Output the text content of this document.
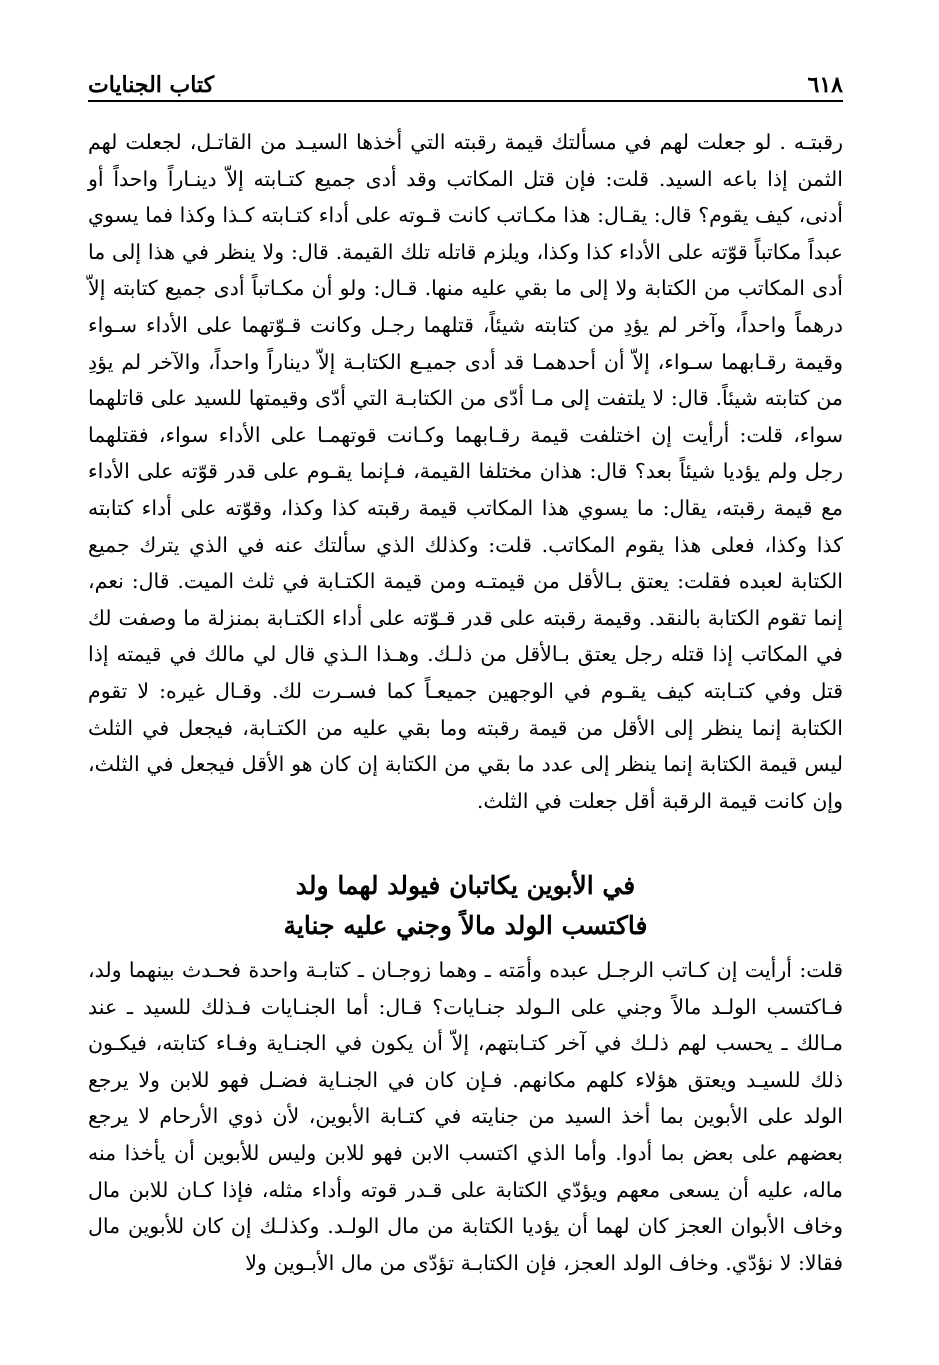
٦١٨
كتاب الجنايات

رقبتـه . لو جعلت لهم في مسألتك قيمة رقبته التي أخذها السيـد من القاتـل، لجعلت لهم الثمن إذا باعه السيد. قلت: فإن قتل المكاتب وقد أدى جميع كتـابته إلاّ دينـاراً واحداً أو أدنى، كيف يقوم؟ قال: يقـال: هذا مكـاتب كانت قـوته على أداء كتـابته كـذا وكذا فما يسوي عبداً مكاتباً قوّته على الأداء كذا وكذا، ويلزم قاتله تلك القيمة. قال: ولا ينظر في هذا إلى ما أدى المكاتب من الكتابة ولا إلى ما بقي عليه منها. قـال: ولو أن مكـاتباً أدى جميع كتابته إلاّ درهماً واحداً، وآخر لم يؤدِ من كتابته شيئاً، قتلهما رجـل وكانت قـوّتهما على الأداء سـواء وقيمة رقـابهما سـواء، إلاّ أن أحدهمـا قد أدى جميـع الكتابـة إلاّ ديناراً واحداً، والآخر لم يؤدِ من كتابته شيئاً. قال: لا يلتفت إلى مـا أدّى من الكتابـة التي أدّى وقيمتها للسيد على قاتلهما سواء، قلت: أرأيت إن اختلفت قيمة رقـابهما وكـانت قوتهمـا على الأداء سواء، فقتلهما رجل ولم يؤديا شيئاً بعد؟ قال: هذان مختلفا القيمة، فـإنما يقـوم على قدر قوّته على الأداء مع قيمة رقبته، يقال: ما يسوي هذا المكاتب قيمة رقبته كذا وكذا، وقوّته على أداء كتابته كذا وكذا، فعلى هذا يقوم المكاتب. قلت: وكذلك الذي سألتك عنه في الذي يترك جميع الكتابة لعبده فقلت: يعتق بـالأقل من قيمتـه ومن قيمة الكتـابة في ثلث الميت. قال: نعم، إنما تقوم الكتابة بالنقد. وقيمة رقبته على قدر قـوّته على أداء الكتـابة بمنزلة ما وصفت لك في المكاتب إذا قتله رجل يعتق بـالأقل من ذلـك. وهـذا الـذي قال لي مالك في قيمته إذا قتل وفي كتـابته كيف يقـوم في الوجهين جميعـاً كما فسـرت لك. وقـال غيره: لا تقوم الكتابة إنما ينظر إلى الأقل من قيمة رقبته وما بقي عليه من الكتـابة، فيجعل في الثلث ليس قيمة الكتابة إنما ينظر إلى عدد ما بقي من الكتابة إن كان هو الأقل فيجعل في الثلث، وإن كانت قيمة الرقبة أقل جعلت في الثلث.

في الأبوين يكاتبان فيولد لهما ولد
فاكتسب الولد مالاً وجني عليه جناية

قلت: أرأيت إن كـاتب الرجـل عبده وأمَته ـ وهما زوجـان ـ كتابـة واحدة فحـدث بينهما ولد، فـاكتسب الولـد مالاً وجني على الـولد جنـايات؟ قـال: أما الجنـايات فـذلك للسيد ـ عند مـالك ـ يحسب لهم ذلـك في آخر كتـابتهم، إلاّ أن يكون في الجنـاية وفـاء كتابته، فيكـون ذلك للسيـد ويعتق هؤلاء كلهم مكانهم. فـإن كان في الجنـاية فضـل فهو للابن ولا يرجع الولد على الأبوين بما أخذ السيد من جنايته في كتـابة الأبوين، لأن ذوي الأرحام لا يرجع بعضهم على بعض بما أدوا. وأما الذي اكتسب الابن فهو للابن وليس للأبوين أن يأخذا منه ماله، عليه أن يسعى معهم ويؤدّي الكتابة على قـدر قوته وأداء مثله، فإذا كـان للابن مال وخاف الأبوان العجز كان لهما أن يؤديا الكتابة من مال الولـد. وكذلـك إن كان للأبوين مال فقالا: لا نؤدّي. وخاف الولد العجز، فإن الكتابـة تؤدّى من مال الأبـوين ولا
